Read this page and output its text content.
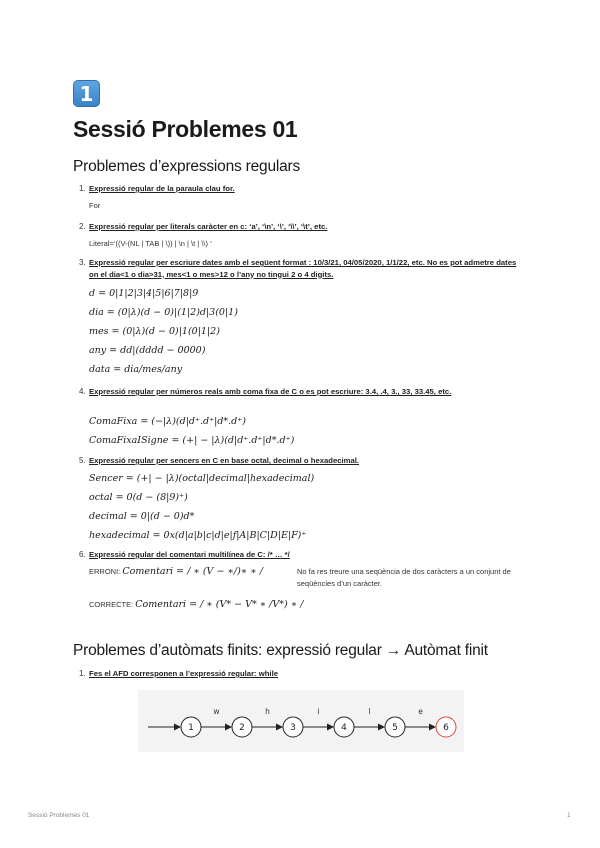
1
Sessió Problemes 01
Problemes d’expressions regulars
1. Expressió regular de la paraula clau for.
For
2. Expressió regular per literals caràcter en c: ‘a’, ‘\n’, ‘\’, ‘\\’, ‘\t’, etc.
Literal=‘((V-(NL | TAB | \)) | \n | \t | \\) ’
3. Expressió regular per escriure dates amb el següent format : 10/3/21, 04/05/2020, 1/1/22, etc. No es pot admetre dates on el dia<1 o dia>31, mes<1 o mes>12 o l’any no tingui 2 o 4 digits.
d = 0|1|2|3|4|5|6|7|8|9
dia = (0|λ)(d − 0)|(1|2)d|3(0|1)
mes = (0|λ)(d − 0)|1(0|1|2)
any = dd|(dddd − 0000)
data = dia/mes/any
4. Expressió regular per números reals amb coma fixa de C o es pot escriure: 3.4, .4, 3., 33, 33.45, etc.
ComaFixa = (−|λ)(d|d⁺.d⁺|d*.d⁺)
ComaFixaISigne = (+| − |λ)(d|d⁺.d⁺|d*.d⁺)
5. Expressió regular per sencers en C en base octal, decimal o hexadecimal.
Sencer = (+| − |λ)(octal|decimal|hexadecimal)
octal = 0(d − (8|9)⁺)
decimal = 0|(d − 0)d*
hexadecimal = 0x(d|a|b|c|d|e|f|A|B|C|D|E|F)⁺
6. Expressió regular del comentari multilínea de C: /* … */
ERRONI: Comentari = / ∗ (V − ∗/)∗ ∗ /	No fa res treure una seqüència de dos caràcters a un conjunt de seqüències d’un caràcter.
CORRECTE: Comentari = / ∗ (V* − V* ∗ /V*) ∗ /
Problemes d’autòmats finits: expressió regular → Autòmat finit
1. Fes el AFD corresponen a l’expressió regular: while
1
w
2
h
3
i
4
l
5
e
6
Sessió Problemes 01	1
